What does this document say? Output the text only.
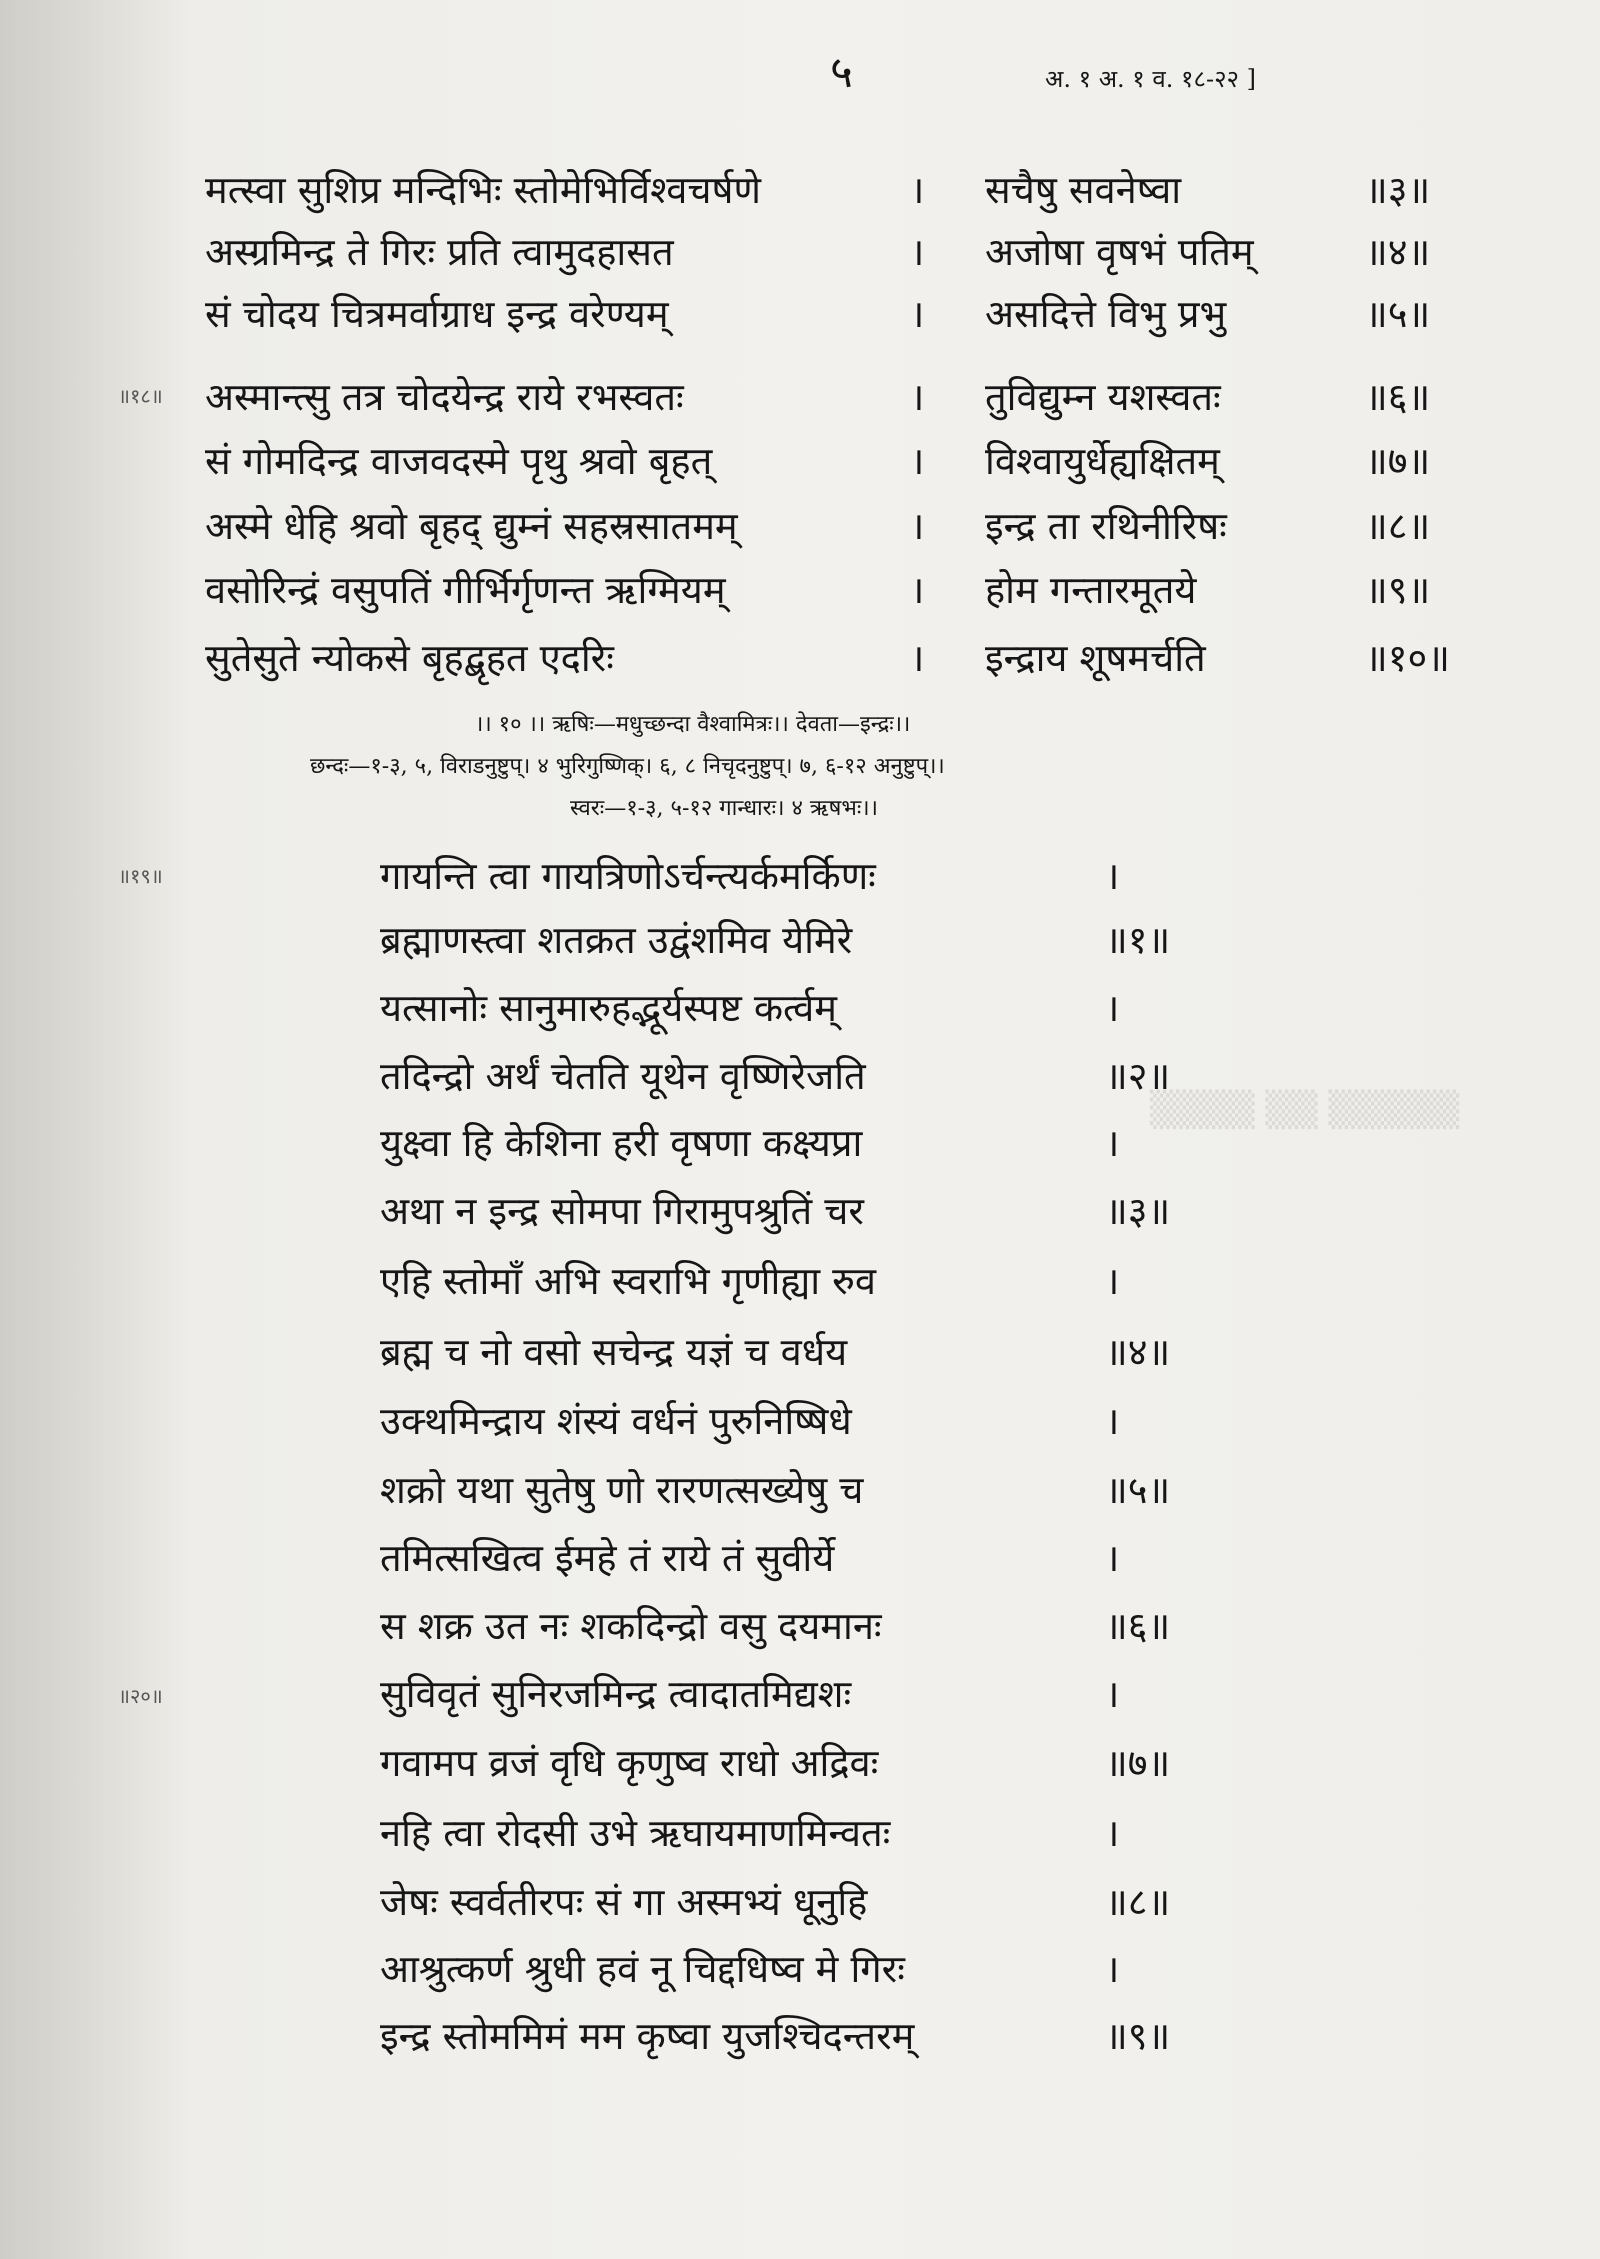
▒▒▒▒ ▒▒ ▒▒▒▒▒
५	अ. १ अ. १ व. १८-२२ ]
मत्स्वा सुशिप्र मन्दिभिः स्तोमेभिर्विश्वचर्षणे	। सचैषु सवनेष्वा	॥३॥
अस्ग्रमिन्द्र ते गिरः प्रति त्वामुदहासत	। अजोषा वृषभं पतिम्	॥४॥
सं चोदय चित्रमर्वाग्राध इन्द्र वरेण्यम्	। असदित्ते विभु प्रभु	॥५॥
अस्मान्त्सु तत्र चोदयेन्द्र राये रभस्वतः	। तुविद्युम्न यशस्वतः	॥६॥
सं गोमदिन्द्र वाजवदस्मे पृथु श्रवो बृहत्	। विश्वायुर्धेह्यक्षितम्	॥७॥
अस्मे धेहि श्रवो बृहद् द्युम्नं सहस्रसातमम्	। इन्द्र ता रथिनीरिषः	॥८॥
वसोरिन्द्रं वसुपतिं गीर्भिर्गृणन्त ऋग्मियम्	। होम गन्तारमूतये	॥९॥
सुतेसुते न्योकसे बृहद्बृहत एदरिः	। इन्द्राय शूषमर्चति	॥१०॥
।। १० ।। ऋषिः—मधुच्छन्दा वैश्वामित्रः।। देवता—इन्द्रः।।
छन्दः—१-३, ५, विराडनुष्टुप्। ४ भुरिगुष्णिक्। ६, ८ निचृदनुष्टुप्। ७, ६-१२ अनुष्टुप्।।
स्वरः—१-३, ५-१२ गान्धारः। ४ ऋषभः।।
॥१८॥
॥१९॥
॥२०॥
गायन्ति त्वा गायत्रिणोऽर्चन्त्यर्कमर्किणः	।
ब्रह्माणस्त्वा शतक्रत उद्वंशमिव येमिरे	॥१॥
यत्सानोः सानुमारुहद्भूर्यस्पष्ट कर्त्वम्	।
तदिन्द्रो अर्थं चेतति यूथेन वृष्णिरेजति	॥२॥
युक्ष्वा हि केशिना हरी वृषणा कक्ष्यप्रा	।
अथा न इन्द्र सोमपा गिरामुपश्रुतिं चर	॥३॥
एहि स्तोमाँ अभि स्वराभि गृणीह्या रुव	।
ब्रह्म च नो वसो सचेन्द्र यज्ञं च वर्धय	॥४॥
उक्थमिन्द्राय शंस्यं वर्धनं पुरुनिष्षिधे	।
शक्रो यथा सुतेषु णो रारणत्सख्येषु च	॥५॥
तमित्सखित्व ईमहे तं राये तं सुवीर्ये	।
स शक्र उत नः शकदिन्द्रो वसु दयमानः	॥६॥
सुविवृतं सुनिरजमिन्द्र त्वादातमिद्यशः	।
गवामप व्रजं वृधि कृणुष्व राधो अद्रिवः	॥७॥
नहि त्वा रोदसी उभे ऋघायमाणमिन्वतः	।
जेषः स्वर्वतीरपः सं गा अस्मभ्यं धूनुहि	॥८॥
आश्रुत्कर्ण श्रुधी हवं नू चिद्दधिष्व मे गिरः	।
इन्द्र स्तोममिमं मम कृष्वा युजश्चिदन्तरम्	॥९॥
